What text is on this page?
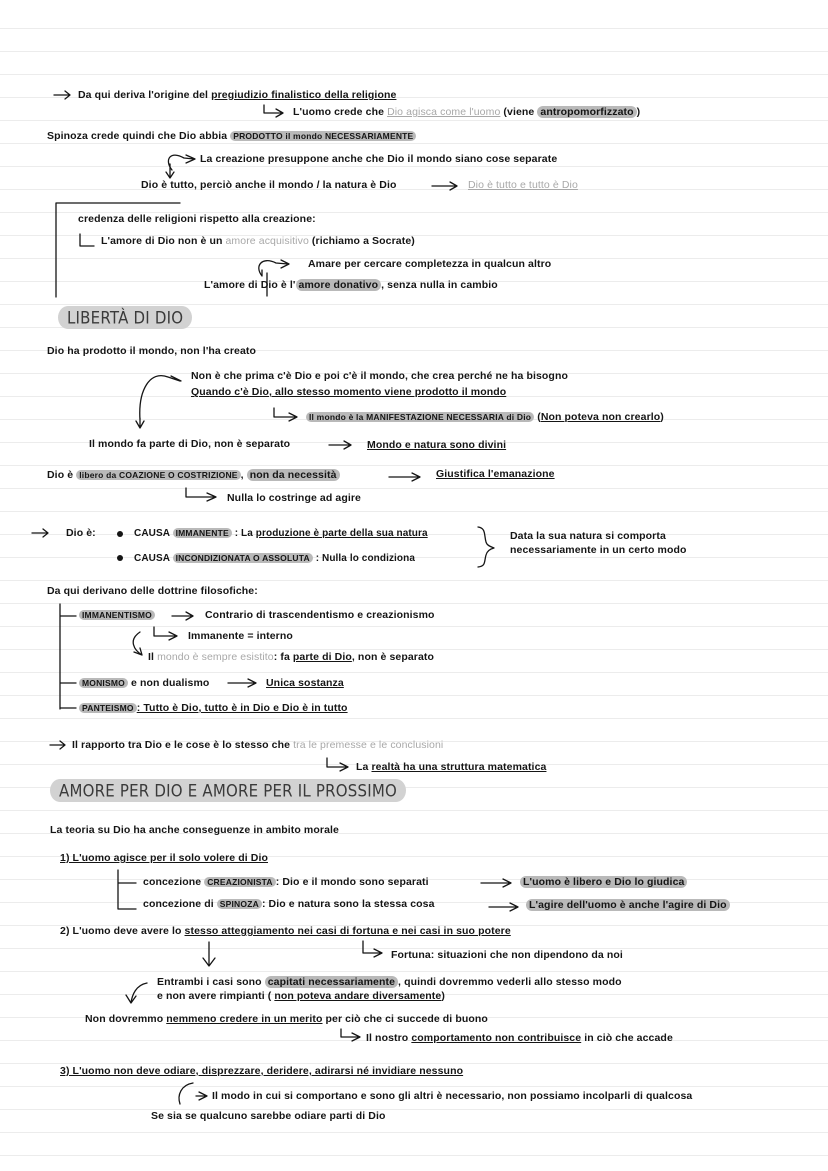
Da qui deriva l'origine del pregiudizio finalistico della religione
L'uomo crede che Dio agisca come l'uomo (viene antropomorfizzato )
Spinoza crede quindi che Dio abbia PRODOTTO il mondo NECESSARIAMENTE
La creazione presuppone anche che Dio il mondo siano cose separate
Dio è tutto, perciò anche il mondo / la natura è Dio	Dio è tutto e tutto è Dio
credenza delle religioni rispetto alla creazione:
L'amore di Dio non è un amore acquisitivo (richiamo a Socrate)
Amare per cercare completezza in qualcun altro
L'amore di Dio è l' amore donativo , senza nulla in cambio
LIBERTÀ DI DIO
Dio ha prodotto il mondo, non l'ha creato
Non è che prima c'è Dio e poi c'è il mondo, che crea perché ne ha bisogno
Quando c'è Dio, allo stesso momento viene prodotto il mondo
Il mondo è la MANIFESTAZIONE NECESSARIA di Dio (Non poteva non crearlo)
Il mondo fa parte di Dio, non è separato	Mondo e natura sono divini
Dio è libero da COAZIONE O COSTRIZIONE , non da necessità	Giustifica l'emanazione
Nulla lo costringe ad agire
Dio è:	CAUSA IMMANENTE : La produzione è parte della sua natura
CAUSA INCONDIZIONATA O ASSOLUTA : Nulla lo condiziona
Data la sua natura si comporta
necessariamente in un certo modo
Da qui derivano delle dottrine filosofiche:
IMMANENTISMO	Contrario di trascendentismo e creazionismo
Immanente = interno
Il mondo è sempre esistito: fa parte di Dio, non è separato
MONISMO e non dualismo	Unica sostanza
PANTEISMO : Tutto è Dio, tutto è in Dio e Dio è in tutto
Il rapporto tra Dio e le cose è lo stesso che tra le premesse e le conclusioni
La realtà ha una struttura matematica
AMORE PER DIO E AMORE PER IL PROSSIMO
La teoria su Dio ha anche conseguenze in ambito morale
1) L'uomo agisce per il solo volere di Dio
concezione CREAZIONISTA : Dio e il mondo sono separati	L'uomo è libero e Dio lo giudica
concezione di SPINOZA : Dio e natura sono la stessa cosa	L'agire dell'uomo è anche l'agire di Dio
2) L'uomo deve avere lo stesso atteggiamento nei casi di fortuna e nei casi in suo potere
Fortuna: situazioni che non dipendono da noi
Entrambi i casi sono capitati necessariamente , quindi dovremmo vederli allo stesso modo
e non avere rimpianti ( non poteva andare diversamente)
Non dovremmo nemmeno credere in un merito per ciò che ci succede di buono
Il nostro comportamento non contribuisce in ciò che accade
3) L'uomo non deve odiare, disprezzare, deridere, adirarsi né invidiare nessuno
Il modo in cui si comportano e sono gli altri è necessario, non possiamo incolparli di qualcosa
Se sia se qualcuno sarebbe odiare parti di Dio
